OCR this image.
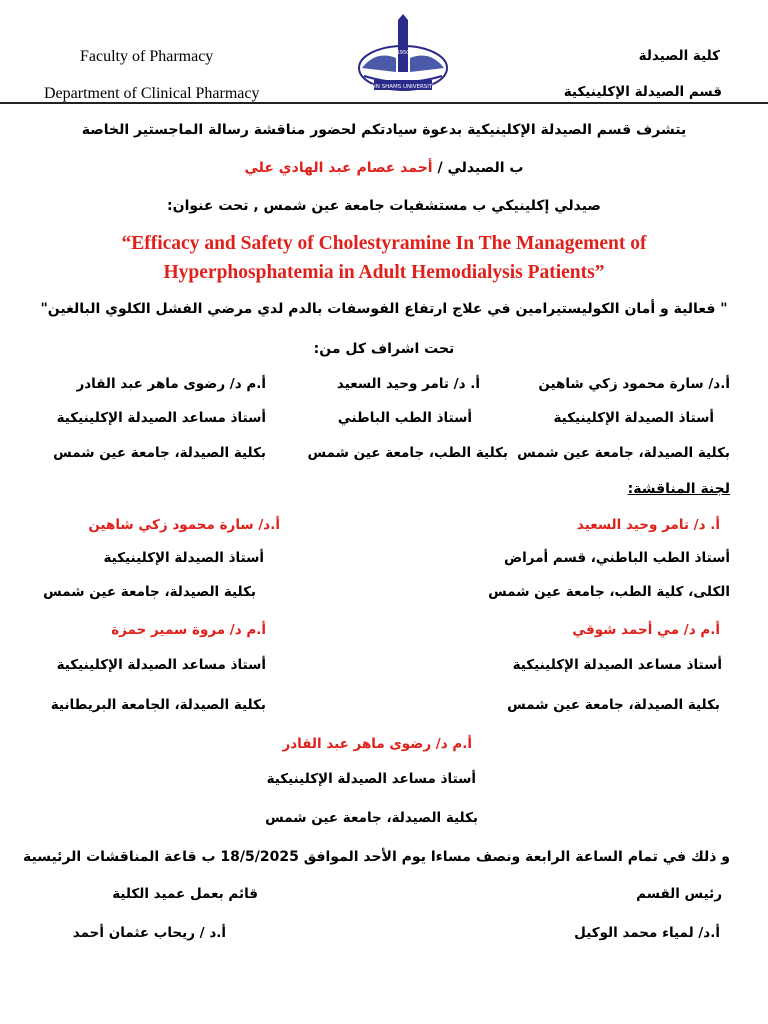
Faculty of Pharmacy
Department of Clinical Pharmacy	AIN SHAMS UNIVERSITY
1950	كلية الصيدلة
قسم الصيدلة الإكلينيكية
يتشرف قسم الصيدلة الإكلينيكية بدعوة سيادتكم لحضور مناقشة رسالة الماجستير الخاصة
ب الصيدلي / أحمد عصام عبد الهادي علي
صيدلي إكلينيكي ب مستشفيات جامعة عين شمس , تحت عنوان:
“Efficacy and Safety of Cholestyramine In The Management of
Hyperphosphatemia in Adult Hemodialysis Patients”
" فعالية و أمان الكوليستيرامين في علاج ارتفاع الفوسفات بالدم لدي مرضي الفشل الكلوي البالغين"
تحت اشراف كل من:
أ.د/ سارة محمود زكي شاهين
أستاذ الصيدلة الإكلينيكية
بكلية الصيدلة، جامعة عين شمس
أ. د/ تامر وحيد السعيد
أستاذ الطب الباطني
بكلية الطب، جامعة عين شمس
أ.م د/ رضوى ماهر عبد القادر
أستاذ مساعد الصيدلة الإكلينيكية
بكلية الصيدلة، جامعة عين شمس
لجنة المناقشة:
أ. د/ تامر وحيد السعيد
أستاذ الطب الباطني، قسم أمراض
الكلى، كلية الطب، جامعة عين شمس
أ.د/ سارة محمود زكي شاهين
أستاذ الصيدلة الإكلينيكية
بكلية الصيدلة، جامعة عين شمس
أ.م د/ مي أحمد شوقي
أستاذ مساعد الصيدلة الإكلينيكية
بكلية الصيدلة، جامعة عين شمس
أ.م د/ مروة سمير حمزة
أستاذ مساعد الصيدلة الإكلينيكية
بكلية الصيدلة، الجامعة البريطانية
أ.م د/ رضوى ماهر عبد القادر
أستاذ مساعد الصيدلة الإكلينيكية
بكلية الصيدلة، جامعة عين شمس
و ذلك في تمام الساعة الرابعة ونصف مساءا يوم الأحد الموافق 18/5/2025 ب قاعة المناقشات الرئيسية
رئيس القسم
أ.د/ لمياء محمد الوكيل
قائم بعمل عميد الكلية
أ.د / ريحاب عثمان أحمد
